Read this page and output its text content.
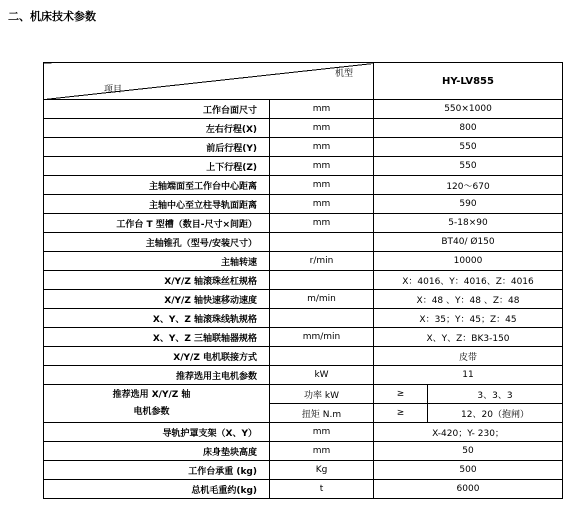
二、机床技术参数
机型
项目		HY-LV855	
工作台面尺寸	mm	550×1000	
左右行程(X)	mm	800	
前后行程(Y)	mm	550	
上下行程(Z)	mm	550	
主轴端面至工作台中心距离	mm	120～670	
主轴中心至立柱导轨面距离	mm	590	
工作台 T 型槽（数目-尺寸×间距）	mm	5-18×90	
主轴锥孔（型号/安装尺寸）		BT40/ Ø150	
主轴转速	r/min	10000	
X/Y/Z 轴滚珠丝杠规格		X：4016、Y：4016、Z：4016	
X/Y/Z 轴快速移动速度	m/min	X：48 、Y：48 、Z：48	
X、Y、Z 轴滚珠线轨规格		X：35；Y：45；Z：45	
X、Y、Z 三轴联轴器规格	mm/min	X、Y、Z：BK3-150	
X/Y/Z 电机联接方式		皮带	
推荐选用主电机参数	kW	11	

推荐选用 X/Y/Z 轴
电机参数	功率 kW	≥	3、3、3
	扭矩 N.m	≥	12、20（抱闸）
导轨护罩支架（X、Y）	mm	X-420；Y- 230；	
床身垫块高度	mm	50	
工作台承重 (kg)	Kg	500	
总机毛重约(kg)	t	6000	
